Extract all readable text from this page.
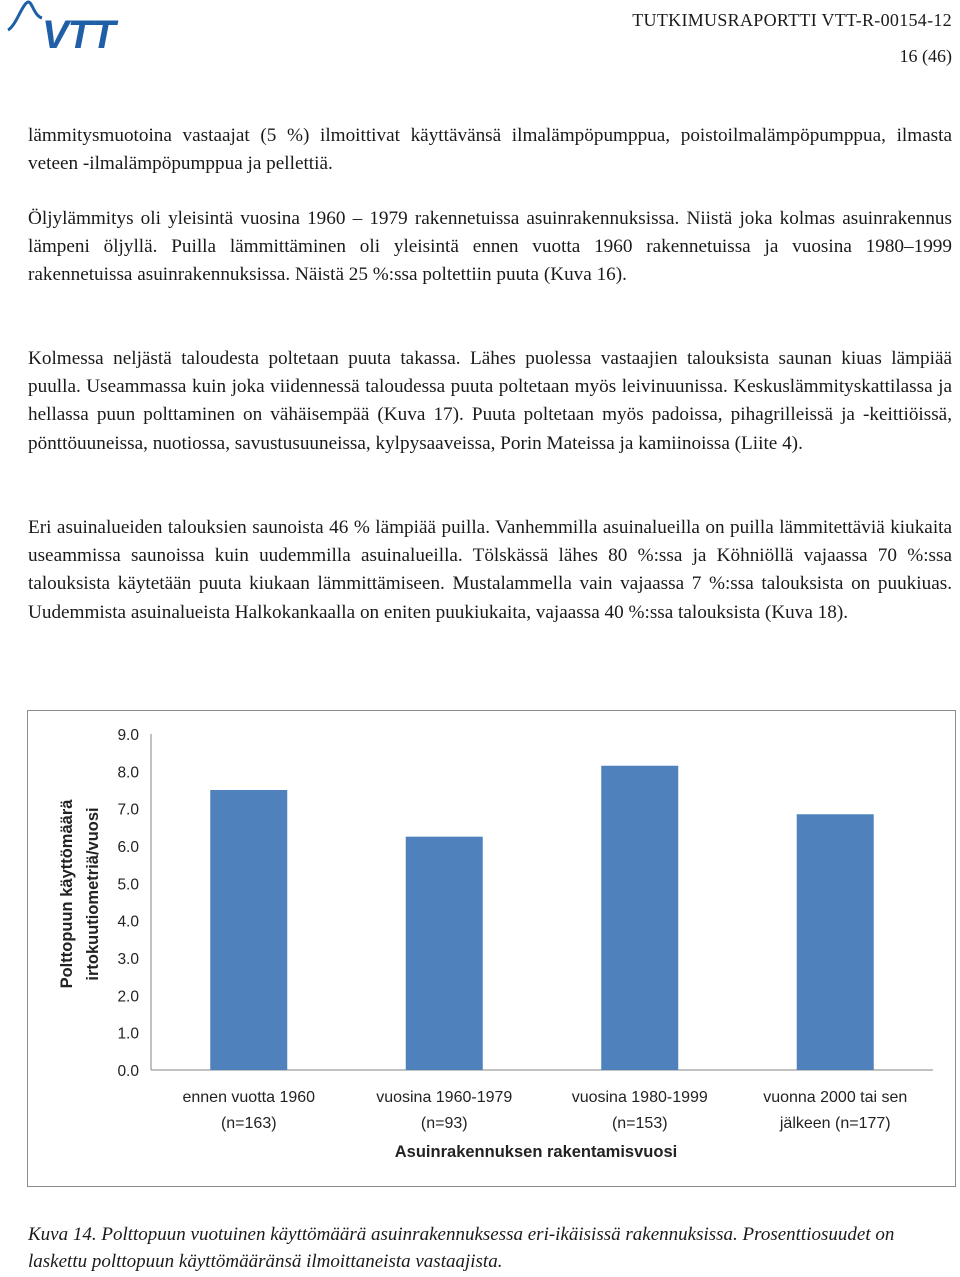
VTT	TUTKIMUSRAPORTTI VTT-R-00154-12
16 (46)

lämmitysmuotoina vastaajat (5 %) ilmoittivat käyttävänsä ilmalämpöpumppua, poistoilmalämpöpumppua, ilmasta veteen -ilmalämpöpumppua ja pellettiä.

Öljylämmitys oli yleisintä vuosina 1960 – 1979 rakennetuissa asuinrakennuksissa. Niistä joka kolmas asuinrakennus lämpeni öljyllä. Puilla lämmittäminen oli yleisintä ennen vuotta 1960 rakennetuissa ja vuosina 1980–1999 rakennetuissa asuinrakennuksissa. Näistä 25 %:ssa poltettiin puuta (Kuva 16).

Kolmessa neljästä taloudesta poltetaan puuta takassa. Lähes puolessa vastaajien talouksista saunan kiuas lämpiää puulla. Useammassa kuin joka viidennessä taloudessa puuta poltetaan myös leivinuunissa. Keskuslämmityskattilassa ja hellassa puun polttaminen on vähäisempää (Kuva 17). Puuta poltetaan myös padoissa, pihagrilleissä ja -keittiöissä, pönttöuuneissa, nuotiossa, savustusuuneissa, kylpysaaveissa, Porin Mateissa ja kamiinoissa (Liite 4).

Eri asuinalueiden talouksien saunoista 46 % lämpiää puilla. Vanhemmilla asuinalueilla on puilla lämmitettäviä kiukaita useammissa saunoissa kuin uudemmilla asuinalueilla. Tölskässä lähes 80 %:ssa ja Köhniöllä vajaassa 70 %:ssa talouksista käytetään puuta kiukaan lämmittämiseen. Mustalammella vain vajaassa 7 %:ssa talouksista on puukiuas. Uudemmista asuinalueista Halkokankaalla on eniten puukiukaita, vajaassa 40 %:ssa talouksista (Kuva 18).

0.0
1.0
2.0
3.0
4.0
5.0
6.0
7.0
8.0
9.0
ennen vuotta 1960
(n=163)
vuosina 1960-1979
(n=93)
vuosina 1980-1999
(n=153)
vuonna 2000 tai sen
jälkeen (n=177)
Asuinrakennuksen rakentamisvuosi
Polttopuun käyttömäärä irtokuutiometriä/vuosi
Kuva 14. Polttopuun vuotuinen käyttömäärä asuinrakennuksessa eri-ikäisissä rakennuksissa. Prosenttiosuudet on laskettu polttopuun käyttömääränsä ilmoittaneista vastaajista.
